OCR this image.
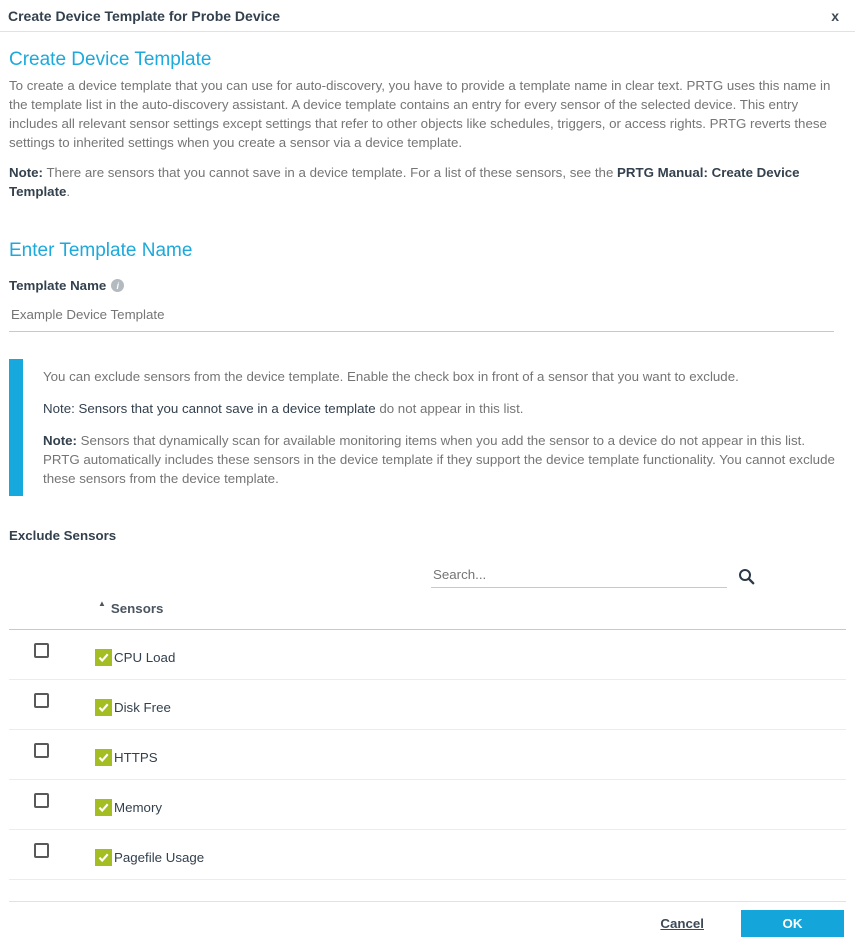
Create Device Template for Probe Device	x
Create Device Template

To create a device template that you can use for auto-discovery, you have to provide a template name in clear text. PRTG uses this name in the template list in the auto-discovery assistant. A device template contains an entry for every sensor of the selected device. This entry includes all relevant sensor settings except settings that refer to other objects like schedules, triggers, or access rights. PRTG reverts these settings to inherited settings when you create a sensor via a device template.

Note: There are sensors that you cannot save in a device template. For a list of these sensors, see the PRTG Manual: Create Device Template.

Enter Template Name
Template Name	i
Example Device Template

You can exclude sensors from the device template. Enable the check box in front of a sensor that you want to exclude.

Note: Sensors that you cannot save in a device template do not appear in this list.

Note: Sensors that dynamically scan for available monitoring items when you add the sensor to a device do not appear in this list. PRTG automatically includes these sensors in the device template if they support the device template functionality. You cannot exclude these sensors from the device template.

Exclude Sensors
Search...
▲ Sensors
CPU Load
Disk Free
HTTPS
Memory
Pagefile Usage
Cancel	OK
